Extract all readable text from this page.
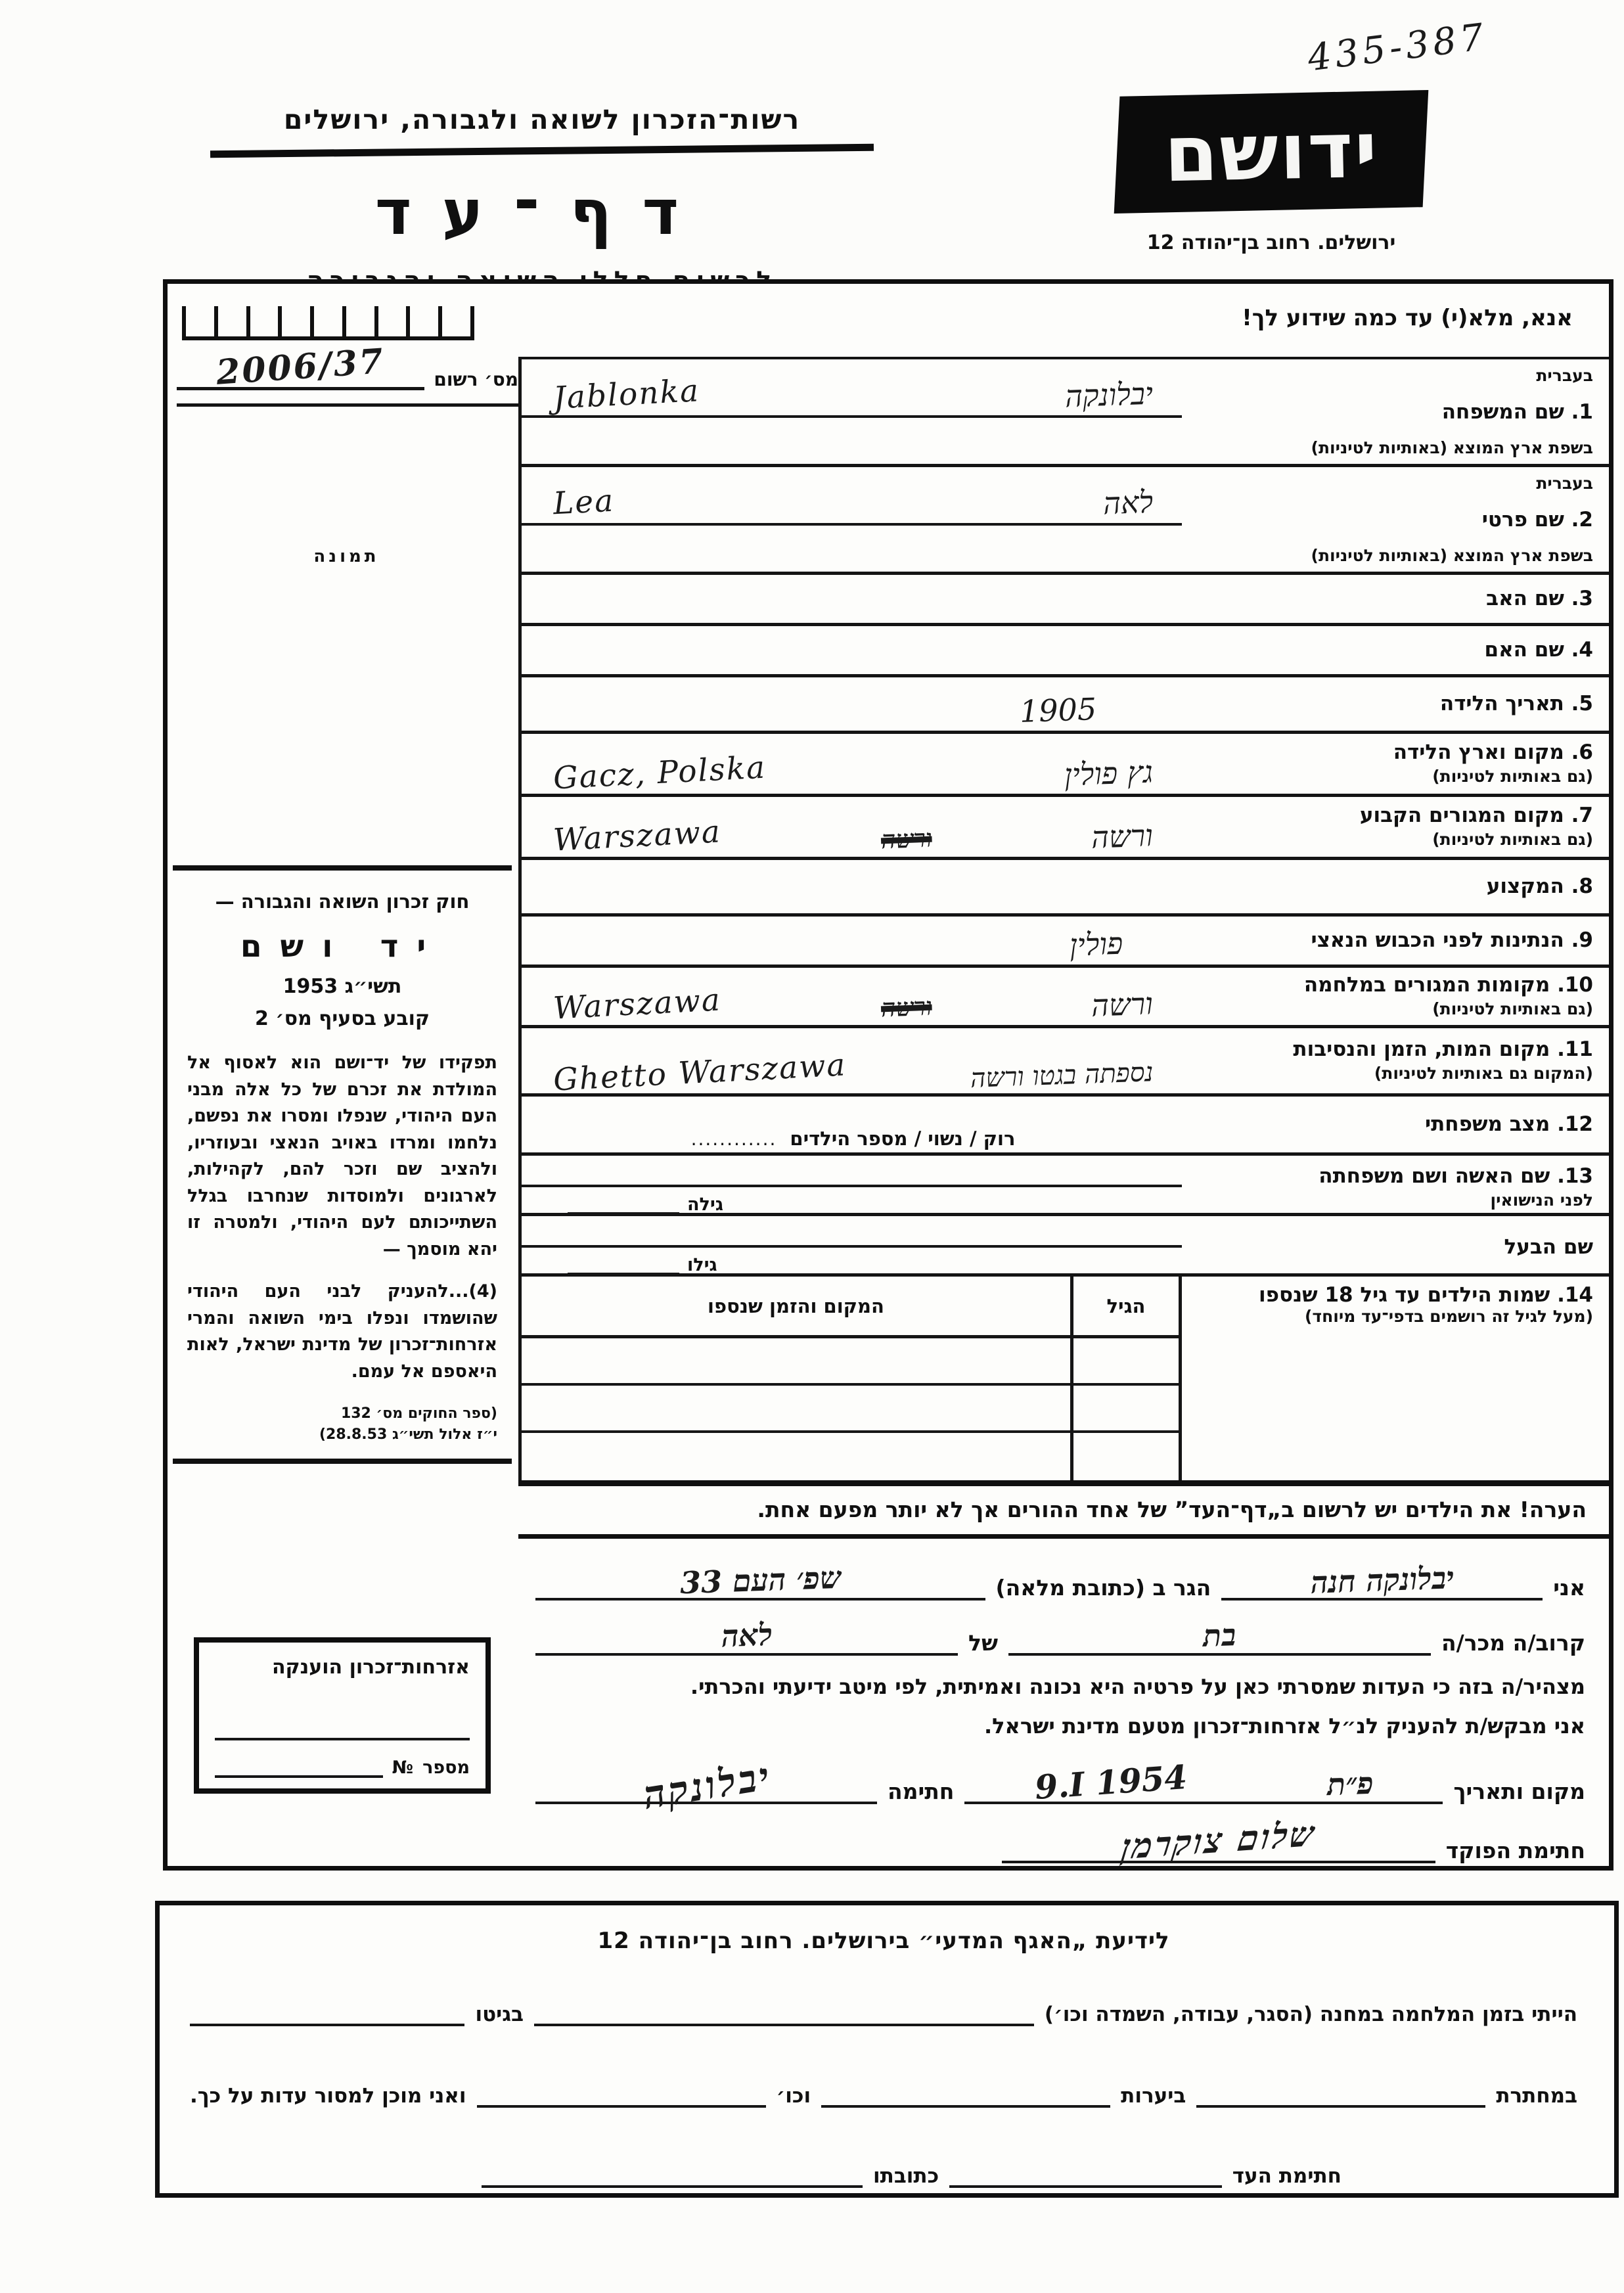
435-387
רשות־הזכרון לשואה ולגבורה, ירושלים
דף־עד
ידושם
ירושלים. רחוב בן־יהודה 12
מס׳ רשום
2006/37
תמונה
חוק זכרון השואה והגבורה —
יד ושם
תשי״ג 1953
קובע בסעיף מס׳ 2
תפקידו של יד־ושם הוא לאסוף אל המולדת את זכרם של כל אלה מבני העם היהודי, שנפלו ומסרו את נפשם, נלחמו ומרדו באויב הנאצי ובעוזריו, ולהציב שם וזכר להם, לקהילות, לארגונים ולמוסדות שנחרבו בגלל השתייכותם לעם היהודי, ולמטרה זו יהא מוסמך —
(4)...להעניק לבני העם היהודי שהושמדו ונפלו בימי השואה והמרי אזרחות־זכרון של מדינת ישראל, לאות היאספם אל עמם.
(ספר החוקים מס׳ 132
י״ז אלול תשי״ג 28.8.53)
אזרחות־זכרון הוענקה
מספר
№
אנא, מלא(י) עד כמה שידוע לך!
בעברית
1. שם המשפחה
בשפת ארץ המוצא (באותיות לטיניות)
יבלונקה
Jablonka
בעברית
2. שם פרטי
בשפת ארץ המוצא (באותיות לטיניות)
לאה
Lea
3. שם האב
4. שם האם
5. תאריך הלידה
1905
6. מקום וארץ הלידה
(גם באותיות לטיניות)
גץ פולין
Gacz, Polska
7. מקום המגורים הקבוע
(גם באותיות לטיניות)
ורשה
ורשה
Warszawa
8. המקצוע
9. הנתינות לפני הכבוש הנאצי
פולין
10. מקומות המגורים במלחמה
(גם באותיות לטיניות)
ורשה
ורשה
Warszawa
11. מקום המות, הזמן והנסיבות
(המקום גם באותיות לטיניות)
נספתה בגטו ורשה
Ghetto Warszawa
12. מצב משפחתי
רוק / נשוי / מספר הילדים
............
13. שם האשה ושם משפחתה
לפני הנישואין
גילה
שם הבעל
גילו
14. שמות הילדים עד גיל 18 שנספו
(מעל לגיל זה רושמים בדפי־עד מיוחד)
הגיל
המקום והזמן שנספו
הערה! את הילדים יש לרשום ב„דף־העד” של אחד ההורים אך לא יותר מפעם אחת.
אני
יבלונקה חנה
הגר ב (כתובת מלאה)
שפ׳ העם 33
קרוב/ה מכר/ה
בת
של
לאה
מצהיר/ה בזה כי העדות שמסרתי כאן על פרטיה היא נכונה ואמיתית, לפי מיטב ידיעתי והכרתי.
אני מבקש/ת להעניק לנ״ל אזרחות־זכרון מטעם מדינת ישראל.
מקום ותאריך
פ״ת
9.I 1954
חתימה
יבלונקה
חתימת הפוקד
שלום צוקרמן
לידיעת „האגף המדעי״ בירושלים. רחוב בן־יהודה 12
הייתי בזמן המלחמה במחנה (הסגר, עבודה, השמדה וכו׳)
בגיטו
במחתרת
ביערות
וכו׳
ואני מוכן למסור עדות על כך.
חתימת העד
כתובתו
